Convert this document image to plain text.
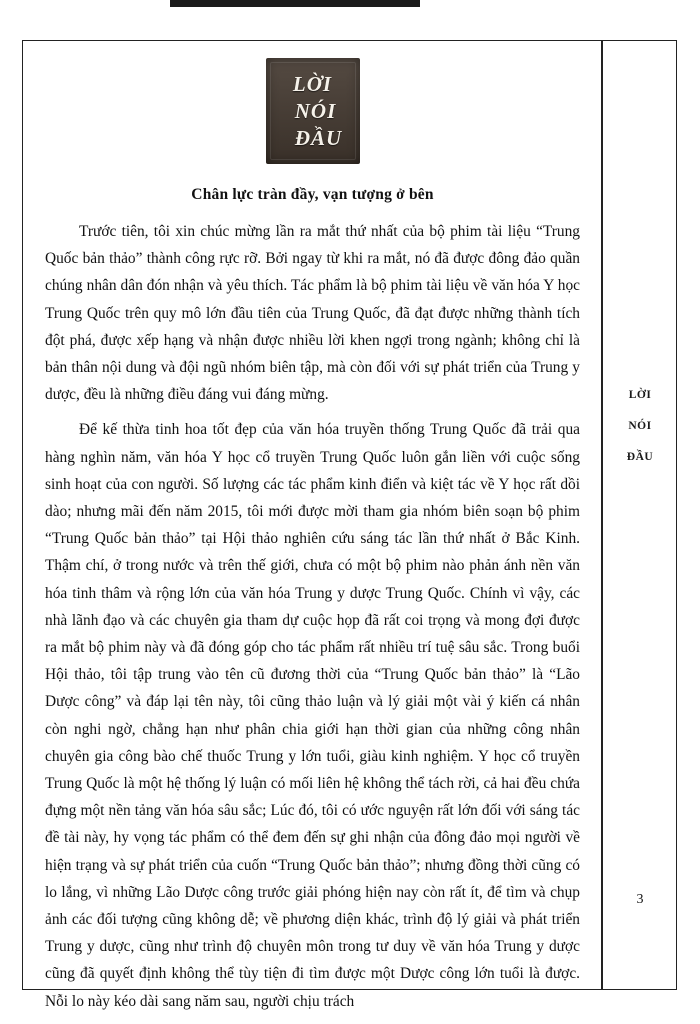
LỜI
NÓI
ĐẦU
3
LỜI
NÓI
ĐẦU
Chân lực tràn đầy, vạn tượng ở bên

Trước tiên, tôi xin chúc mừng lần ra mắt thứ nhất của bộ phim tài liệu “Trung Quốc bản thảo” thành công rực rỡ. Bởi ngay từ khi ra mắt, nó đã được đông đảo quần chúng nhân dân đón nhận và yêu thích. Tác phẩm là bộ phim tài liệu về văn hóa Y học Trung Quốc trên quy mô lớn đầu tiên của Trung Quốc, đã đạt được những thành tích đột phá, được xếp hạng và nhận được nhiều lời khen ngợi trong ngành; không chỉ là bản thân nội dung và đội ngũ nhóm biên tập, mà còn đối với sự phát triển của Trung y dược, đều là những điều đáng vui đáng mừng.

Để kế thừa tinh hoa tốt đẹp của văn hóa truyền thống Trung Quốc đã trải qua hàng nghìn năm, văn hóa Y học cổ truyền Trung Quốc luôn gắn liền với cuộc sống sinh hoạt của con người. Số lượng các tác phẩm kinh điển và kiệt tác về Y học rất dồi dào; nhưng mãi đến năm 2015, tôi mới được mời tham gia nhóm biên soạn bộ phim “Trung Quốc bản thảo” tại Hội thảo nghiên cứu sáng tác lần thứ nhất ở Bắc Kinh. Thậm chí, ở trong nước và trên thế giới, chưa có một bộ phim nào phản ánh nền văn hóa tinh thâm và rộng lớn của văn hóa Trung y dược Trung Quốc. Chính vì vậy, các nhà lãnh đạo và các chuyên gia tham dự cuộc họp đã rất coi trọng và mong đợi được ra mắt bộ phim này và đã đóng góp cho tác phẩm rất nhiều trí tuệ sâu sắc. Trong buổi Hội thảo, tôi tập trung vào tên cũ đương thời của “Trung Quốc bản thảo” là “Lão Dược công” và đáp lại tên này, tôi cũng thảo luận và lý giải một vài ý kiến cá nhân còn nghi ngờ, chẳng hạn như phân chia giới hạn thời gian của những công nhân chuyên gia công bào chế thuốc Trung y lớn tuổi, giàu kinh nghiệm. Y học cổ truyền Trung Quốc là một hệ thống lý luận có mối liên hệ không thể tách rời, cả hai đều chứa đựng một nền tảng văn hóa sâu sắc; Lúc đó, tôi có ước nguyện rất lớn đối với sáng tác đề tài này, hy vọng tác phẩm có thể đem đến sự ghi nhận của đông đảo mọi người về hiện trạng và sự phát triển của cuốn “Trung Quốc bản thảo”; nhưng đồng thời cũng có lo lắng, vì những Lão Dược công trước giải phóng hiện nay còn rất ít, để tìm và chụp ảnh các đối tượng cũng không dễ; về phương diện khác, trình độ lý giải và phát triển Trung y dược, cũng như trình độ chuyên môn trong tư duy về văn hóa Trung y dược cũng đã quyết định không thể tùy tiện đi tìm được một Dược công lớn tuổi là được. Nỗi lo này kéo dài sang năm sau, người chịu trách
